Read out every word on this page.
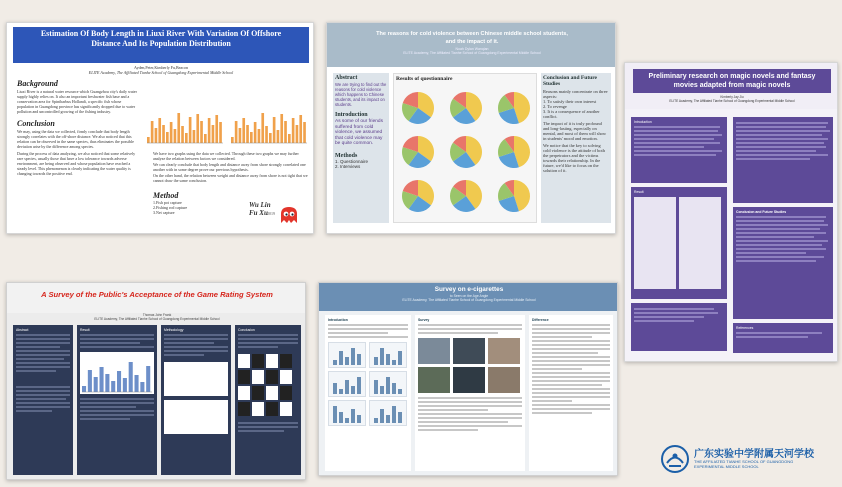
Estimation Of Body Length in Liuxi River With Variation Of Offshore Distance And Its Population Distribution
Ayden,Peter,Kimberly Fu,Beacon
ELITE Academy, The Affiliated Tianhe School of Guangdong Experimental Middle School
Background
Liuxi River is a natural water resource which Guangzhou city's daily water supply highly relies on. It also an important freshwater fish base and a conservation area for Spinibarbus Hollandi, a specific fish whose population in Guangdong province has significantly dropped due to water pollution and uncontrolled growing of the fishing industry.
Conclusion
We may, using the data we collected, firmly conclude that body length strongly correlates with the off-shore distance. We also noticed that this relation can be observed in the same species, thus eliminates the possible deviation arise by the difference among species.
During the process of data analyzing, we also noticed that some relatively rare species, usually those that have a low tolerance towards adverse environment, are being observed and whose population have reached a steady level. This phenomenon is clearly indicating the water quality is changing towards the positive end.
We have two graphs using the data we collected. Through these two graphs we may further analyze the relation between factors we considered.
We can clearly conclude that body length and distance away from shore strongly correlated one another with in some degree prove our previous hypothesis.
On the other hand, the relation between weight and distance away from shore is not tight that we cannot draw the same conclusion.
Method
1.Fish pot capture
2.Fishing rod capture
3.Net capture
Wu Lin Fu Xu 2019
The reasons for cold violence between Chinese middle school students,
and the impact of it.
Noah Dylan Wanqian
ELITE Academy, The Affiliated Tianhe School of Guangdong Experimental Middle School
Abstract
We are trying to find out the reasons for cold violence which happens to Chinese students, and its impact on students.
Introduction
As some of our friends suffered from cold violence, we assumed that cold violence may be quite common.
Methods
1. Questionnaire
2. Interviews
Results of questionnaire	Conclusion and Future Studies
Reasons mainly concentrate on three aspects:
1. To satisfy their own interest
2. To revenge
3. It is a consequence of another conflict.
The impact of it is truly profound and long-lasting, especially on mental, and most of them will show in students' mood and emotion.
We notice that the key to solving cold violence is the attitude of both the perpetrators and the victims towards their relationship. In the future, we'd like to focus on the solution of it.
Preliminary research on magic novels and fantasy movies adapted from magic novels
Kimberly Jay Jiu
ELITE Academy, The Affiliated Tianhe School of Guangdong Experimental Middle School
Introduction
Result
Conclusion and Future Studies
References
A Survey of the Public's Acceptance of the Game Rating System
Thomas John Frank
ELITE Academy, The Affiliated Tianhe School of Guangdong Experimental Middle School
Abstract	Result	Methodology	Conclusion
Survey on e-cigarettes
to Seen on the Age Angle
ELITE Academy, The Affiliated Tianhe School of Guangdong Experimental Middle School
Introduction	Survey	Difference
广东实验中学附属天河学校
THE AFFILIATED TIANHE SCHOOL OF GUANGDONG
EXPERIMENTAL MIDDLE SCHOOL
